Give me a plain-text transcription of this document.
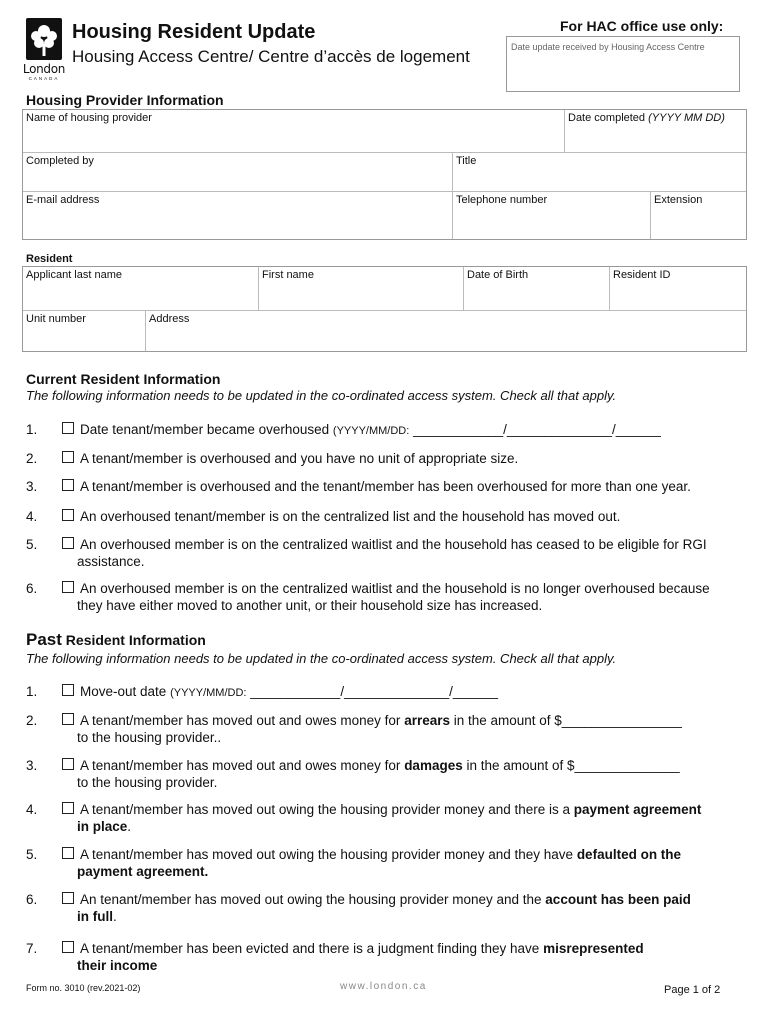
London
CANADA
Housing Resident Update
Housing Access Centre/ Centre d’accès de logement
For HAC office use only:
Date update received by Housing Access Centre
Housing Provider Information
Name of housing provider	Date completed (YYYY MM DD)
Completed by	Title
E-mail address	Telephone number	Extension
Resident
Applicant last name	First name	Date of Birth	Resident ID
Unit number	Address
Current Resident Information
The following information needs to be updated in the co-ordinated access system. Check all that apply.
1.	Date tenant/member became overhoused (YYYY/MM/DD: ____________/______________/______
2.	A tenant/member is overhoused and you have no unit of appropriate size.
3.	A tenant/member is overhoused and the tenant/member has been overhoused for more than one year.
4.	An overhoused tenant/member is on the centralized list and the household has moved out.
5.	An overhoused member is on the centralized waitlist and the household has ceased to be eligible for RGI
assistance.
6.	An overhoused member is on the centralized waitlist and the household is no longer overhoused because
they have either moved to another unit, or their household size has increased.
Past Resident Information
The following information needs to be updated in the co-ordinated access system. Check all that apply.
1.	Move-out date (YYYY/MM/DD: ____________/______________/______
2.	A tenant/member has moved out and owes money for arrears in the amount of $________________
to the housing provider..
3.	A tenant/member has moved out and owes money for damages in the amount of $______________
to the housing provider.
4.	A tenant/member has moved out owing the housing provider money and there is a payment agreement
in place.
5.	A tenant/member has moved out owing the housing provider money and they have defaulted on the
payment agreement.
6.	An tenant/member has moved out owing the housing provider money and the account has been paid
in full.
7.	A tenant/member has been evicted and there is a judgment finding they have misrepresented
their income
Form no. 3010 (rev.2021-02)	www.london.ca	Page 1 of 2
